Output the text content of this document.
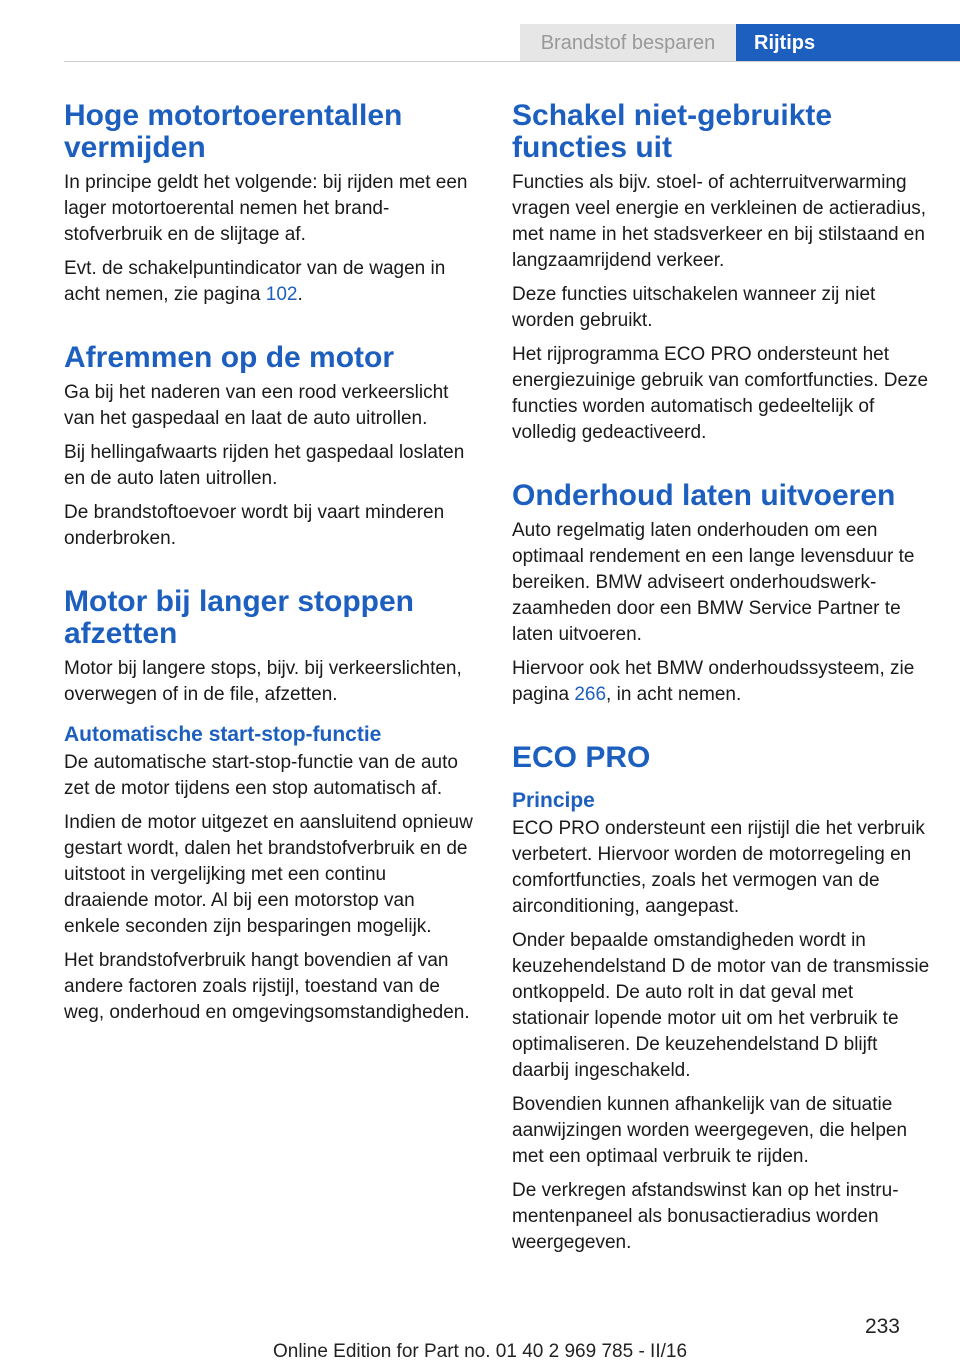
Brandstof besparen	Rijtips
Hoge motortoerentallen vermijden

In principe geldt het volgende: bij rijden met een lager motortoerental nemen het brandstofverbruik en de slijtage af.

Evt. de schakelpuntindicator van de wagen in acht nemen, zie pagina 102.

Afremmen op de motor

Ga bij het naderen van een rood verkeerslicht van het gaspedaal en laat de auto uitrollen.

Bij hellingafwaarts rijden het gaspedaal loslaten en de auto laten uitrollen.

De brandstoftoevoer wordt bij vaart minderen onderbroken.

Motor bij langer stoppen afzetten

Motor bij langere stops, bijv. bij verkeerslichten, overwegen of in de file, afzetten.

Automatische start-stop-functie

De automatische start-stop-functie van de auto zet de motor tijdens een stop automatisch af.

Indien de motor uitgezet en aansluitend opnieuw gestart wordt, dalen het brandstofverbruik en de uitstoot in vergelijking met een continu draaiende motor. Al bij een motorstop van enkele seconden zijn besparingen mogelijk.

Het brandstofverbruik hangt bovendien af van andere factoren zoals rijstijl, toestand van de weg, onderhoud en omgevingsomstandigheden.

Schakel niet-gebruikte functies uit

Functies als bijv. stoel- of achterruitverwarming vragen veel energie en verkleinen de actieradius, met name in het stadsverkeer en bij stilstaand en langzaamrijdend verkeer.

Deze functies uitschakelen wanneer zij niet worden gebruikt.

Het rijprogramma ECO PRO ondersteunt het energiezuinige gebruik van comfortfuncties. Deze functies worden automatisch gedeeltelijk of volledig gedeactiveerd.

Onderhoud laten uitvoeren

Auto regelmatig laten onderhouden om een optimaal rendement en een lange levensduur te bereiken. BMW adviseert onderhoudswerkzaamheden door een BMW Service Partner te laten uitvoeren.

Hiervoor ook het BMW onderhoudssysteem, zie pagina 266, in acht nemen.

ECO PRO
Principe

ECO PRO ondersteunt een rijstijl die het verbruik verbetert. Hiervoor worden de motorregeling en comfortfuncties, zoals het vermogen van de airconditioning, aangepast.

Onder bepaalde omstandigheden wordt in keuzehendelstand D de motor van de transmissie ontkoppeld. De auto rolt in dat geval met stationair lopende motor uit om het verbruik te optimaliseren. De keuzehendelstand D blijft daarbij ingeschakeld.

Bovendien kunnen afhankelijk van de situatie aanwijzingen worden weergegeven, die helpen met een optimaal verbruik te rijden.

De verkregen afstandswinst kan op het instrumentenpaneel als bonusactieradius worden weergegeven.

233
Online Edition for Part no. 01 40 2 969 785 - II/16
